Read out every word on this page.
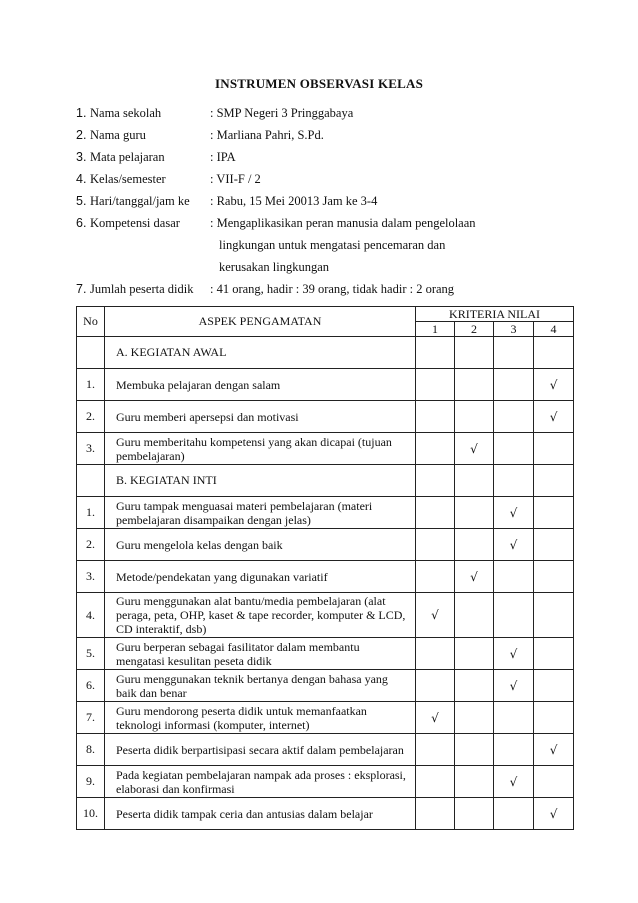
INSTRUMEN OBSERVASI KELAS
1. Nama sekolah	: SMP Negeri 3 Pringgabaya
2. Nama guru	: Marliana Pahri, S.Pd.
3. Mata pelajaran	: IPA
4. Kelas/semester	: VII-F / 2
5. Hari/tanggal/jam ke : Rabu, 15 Mei 20013 Jam ke 3-4
6. Kompetensi dasar : Mengaplikasikan peran manusia dalam pengelolaan
lingkungan untuk mengatasi pencemaran dan
kerusakan lingkungan
7. Jumlah peserta didik : 41 orang, hadir : 39 orang, tidak hadir : 2 orang
No	ASPEK PENGAMATAN	KRITERIA NILAI			
		1	2	3	4
	A. KEGIATAN AWAL				
1.	Membuka pelajaran dengan salam				√
2.	Guru memberi apersepsi dan motivasi				√
3.	Guru memberitahu kompetensi yang akan dicapai (tujuan pembelajaran)		√		
	B. KEGIATAN INTI				
1.	Guru tampak menguasai materi pembelajaran (materi pembelajaran disampaikan dengan jelas)			√	
2.	Guru mengelola kelas dengan baik			√	
3.	Metode/pendekatan yang digunakan variatif		√		
4.	Guru menggunakan alat bantu/media pembelajaran (alat peraga, peta, OHP, kaset & tape recorder, komputer & LCD, CD interaktif, dsb)	√			
5.	Guru berperan sebagai fasilitator dalam membantu mengatasi kesulitan peseta didik			√	
6.	Guru menggunakan teknik bertanya dengan bahasa yang baik dan benar			√	
7.	Guru mendorong peserta didik untuk memanfaatkan teknologi informasi (komputer, internet)	√			
8.	Peserta didik berpartisipasi secara aktif dalam pembelajaran				√
9.	Pada kegiatan pembelajaran nampak ada proses : eksplorasi, elaborasi dan konfirmasi			√	
10.	Peserta didik tampak ceria dan antusias dalam belajar				√
